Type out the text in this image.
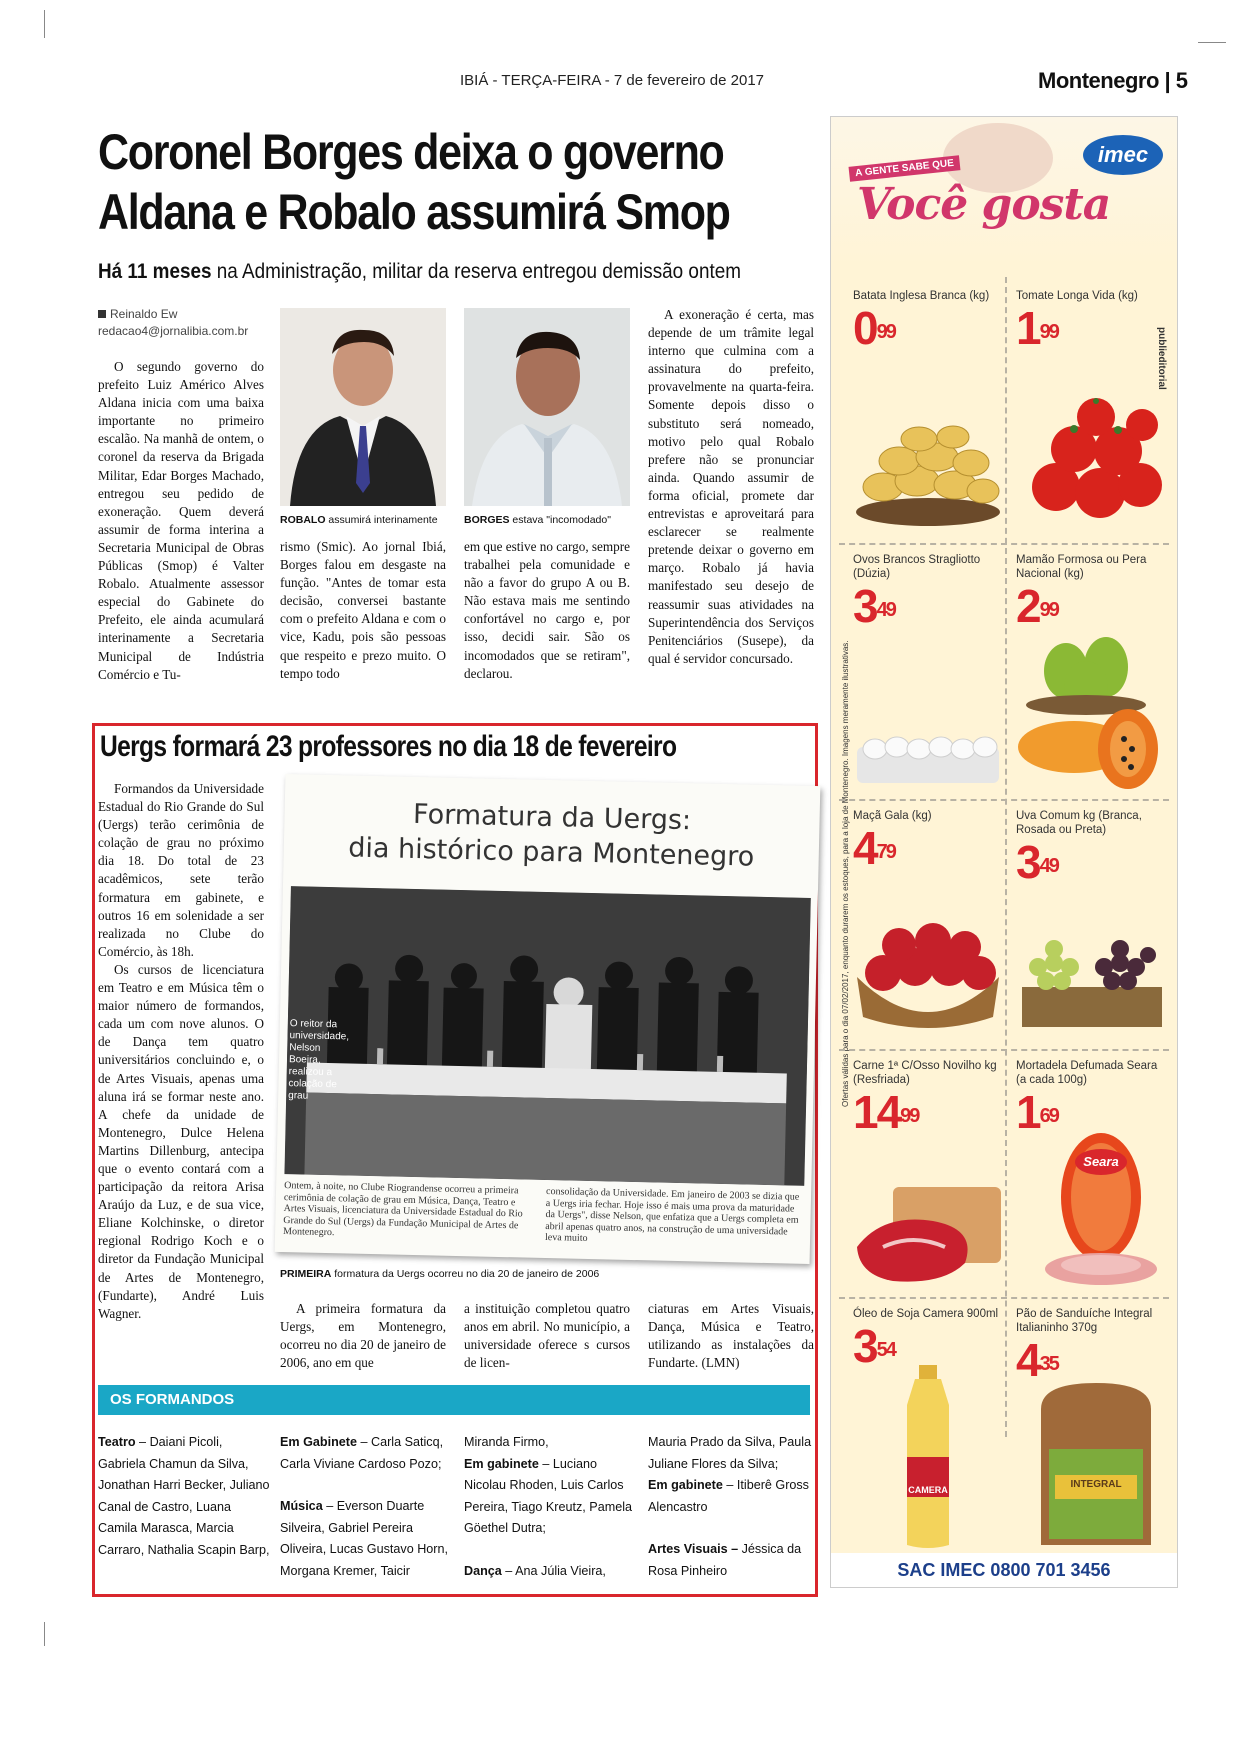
IBIÁ - TERÇA-FEIRA - 7 de fevereiro de 2017	Montenegro | 5
Coronel Borges deixa o governo
Aldana e Robalo assumirá Smop
Há 11 meses na Administração, militar da reserva entregou demissão ontem
Reinaldo Ew
redacao4@jornalibia.com.br

O segundo governo do prefeito Luiz Américo Alves Aldana inicia com uma baixa importante no primeiro escalão. Na manhã de ontem, o coronel da reserva da Brigada Militar, Edar Borges Machado, entregou seu pedido de exoneração. Quem deverá assumir de forma interina a Secretaria Municipal de Obras Públicas (Smop) é Valter Robalo. Atualmente assessor especial do Gabinete do Prefeito, ele ainda acumulará interinamente a Secretaria Municipal de Indústria Comércio e Tu-

ROBALO assumirá interinamente

rismo (Smic). Ao jornal Ibiá, Borges falou em desgaste na função. "Antes de tomar esta decisão, conversei bastante com o prefeito Aldana e com o vice, Kadu, pois são pessoas que respeito e prezo muito. O tempo todo

BORGES estava "incomodado"

em que estive no cargo, sempre trabalhei pela comunidade e não a favor do grupo A ou B. Não estava mais me sentindo confortável no cargo e, por isso, decidi sair. São os incomodados que se retiram", declarou.

A exoneração é certa, mas depende de um trâmite legal interno que culmina com a assinatura do prefeito, provavelmente na quarta-feira. Somente depois disso o substituto será nomeado, motivo pelo qual Robalo prefere não se pronunciar ainda. Quando assumir de forma oficial, promete dar entrevistas e aproveitará para esclarecer se realmente pretende deixar o governo em março. Robalo já havia manifestado seu desejo de reassumir suas atividades na Superintendência dos Serviços Penitenciários (Susepe), da qual é servidor concursado.

Uergs formará 23 professores no dia 18 de fevereiro

Formandos da Universidade Estadual do Rio Grande do Sul (Uergs) terão cerimônia de colação de grau no próximo dia 18. Do total de 23 acadêmicos, sete terão formatura em gabinete, e outros 16 em solenidade a ser realizada no Clube do Comércio, às 18h.

Os cursos de licenciatura em Teatro e em Música têm o maior número de formandos, cada um com nove alunos. O de Dança tem quatro universitários concluindo e, o de Artes Visuais, apenas uma aluna irá se formar neste ano. A chefe da unidade de Montenegro, Dulce Helena Martins Dillenburg, antecipa que o evento contará com a participação da reitora Arisa Araújo da Luz, e de sua vice, Eliane Kolchinske, o diretor regional Rodrigo Koch e o diretor da Fundação Municipal de Artes de Montenegro, (Fundarte), André Luis Wagner.

Formatura da Uergs:
dia histórico para Montenegro
O reitor da universidade, Nelson Boeira, realizou a colação de grau
Ontem, à noite, no Clube Riograndense ocorreu a primeira cerimônia de colação de grau em Música, Dança, Teatro e Artes Visuais, licenciatura da Universidade Estadual do Rio Grande do Sul (Uergs) da Fundação Municipal de Artes de Montenegro.
consolidação da Universidade. Em janeiro de 2003 se dizia que a Uergs iria fechar. Hoje isso é mais uma prova da maturidade da Uergs", disse Nelson, que enfatiza que a Uergs completa em abril apenas quatro anos, na construção de uma universidade leva muito
PRIMEIRA formatura da Uergs ocorreu no dia 20 de janeiro de 2006

A primeira formatura da Uergs, em Montenegro, ocorreu no dia 20 de janeiro de 2006, ano em que

a instituição completou quatro anos em abril. No município, a universidade oferece s cursos de licen-

ciaturas em Artes Visuais, Dança, Música e Teatro, utilizando as instalações da Fundarte. (LMN)

OS FORMANDOS
Teatro – Daiani Picoli, Gabriela Chamun da Silva, Jonathan Harri Becker, Juliano Canal de Castro, Luana Camila Marasca, Marcia Carraro, Nathalia Scapin Barp,
Em Gabinete – Carla Saticq, Carla Viviane Cardoso Pozo;
Música – Everson Duarte Silveira, Gabriel Pereira Oliveira, Lucas Gustavo Horn, Morgana Kremer, Taicir
Miranda Firmo,
Em gabinete – Luciano Nicolau Rhoden, Luis Carlos Pereira, Tiago Kreutz, Pamela Göethel Dutra;
Dança – Ana Júlia Vieira,
Mauria Prado da Silva, Paula Juliane Flores da Silva;
Em gabinete – Itiberê Gross Alencastro
Artes Visuais – Jéssica da Rosa Pinheiro
imec
A GENTE SABE QUE
Você gosta
publieditorial
Ofertas válidas para o dia 07/02/2017, enquanto durarem os estoques, para a loja de Montenegro. Imagens meramente ilustrativas.
Batata Inglesa Branca (kg)
$0^{99}$
Tomate Longa Vida (kg)
$1^{99}$
Ovos Brancos Stragliotto (Dúzia)
$3^{49}$
Mamão Formosa ou Pera Nacional (kg)
$2^{99}$
Maçã Gala (kg)
$4^{79}$
Uva Comum kg (Branca, Rosada ou Preta)
$3^{49}$
Carne 1ª C/Osso Novilho kg (Resfriada)
$14^{99}$
Mortadela Defumada Seara (a cada 100g)
$1^{69}$
Seara
Óleo de Soja Camera 900ml
$3^{54}$
CAMERA
Pão de Sanduíche Integral Italianinho 370g
$4^{35}$
INTEGRAL
SAC IMEC 0800 701 3456
